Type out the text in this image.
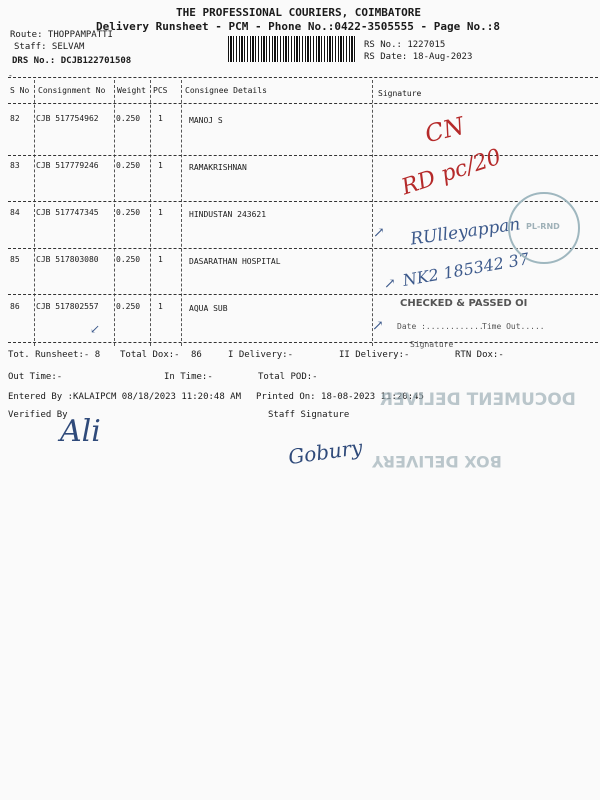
THE PROFESSIONAL COURIERS, COIMBATORE
Delivery Runsheet - PCM - Phone No.:0422-3505555 - Page No.:8
Route: THOPPAMPATTI
Staff: SELVAM
DRS No.: DCJB122701508
RS No.: 1227015
RS Date: 18-Aug-2023
-
S No Consignment No Weight PCS Consignee Details	Signature
82 CJB 517754962 0.250 1	MANOJ S
83 CJB 517779246 0.250 1	RAMAKRISHNAN
84 CJB 517747345 0.250 1	HINDUSTAN 243621
85 CJB 517803080 0.250 1	DASARATHAN HOSPITAL
86 CJB 517802557 0.250 1	AQUA SUB
CN
RD pc/20
RUlleyappan
↗
NK2 185342 37
↗
↗
↙
PL-RND
CHECKED & PASSED OI
Date :............
Time Out.....
Signature
Tot. Runsheet:- 8 Total Dox:- 86	I Delivery:-	II Delivery:-	RTN Dox:-
Out Time:-	In Time:-	Total POD:-
Entered By :KALAIPCM 08/18/2023 11:20:48 AM Printed On: 18-08-2023 11:20:45
Verified By	Staff Signature
Ali
Gobury
DOCUMENT DELIVER
BOX DELIVERY
